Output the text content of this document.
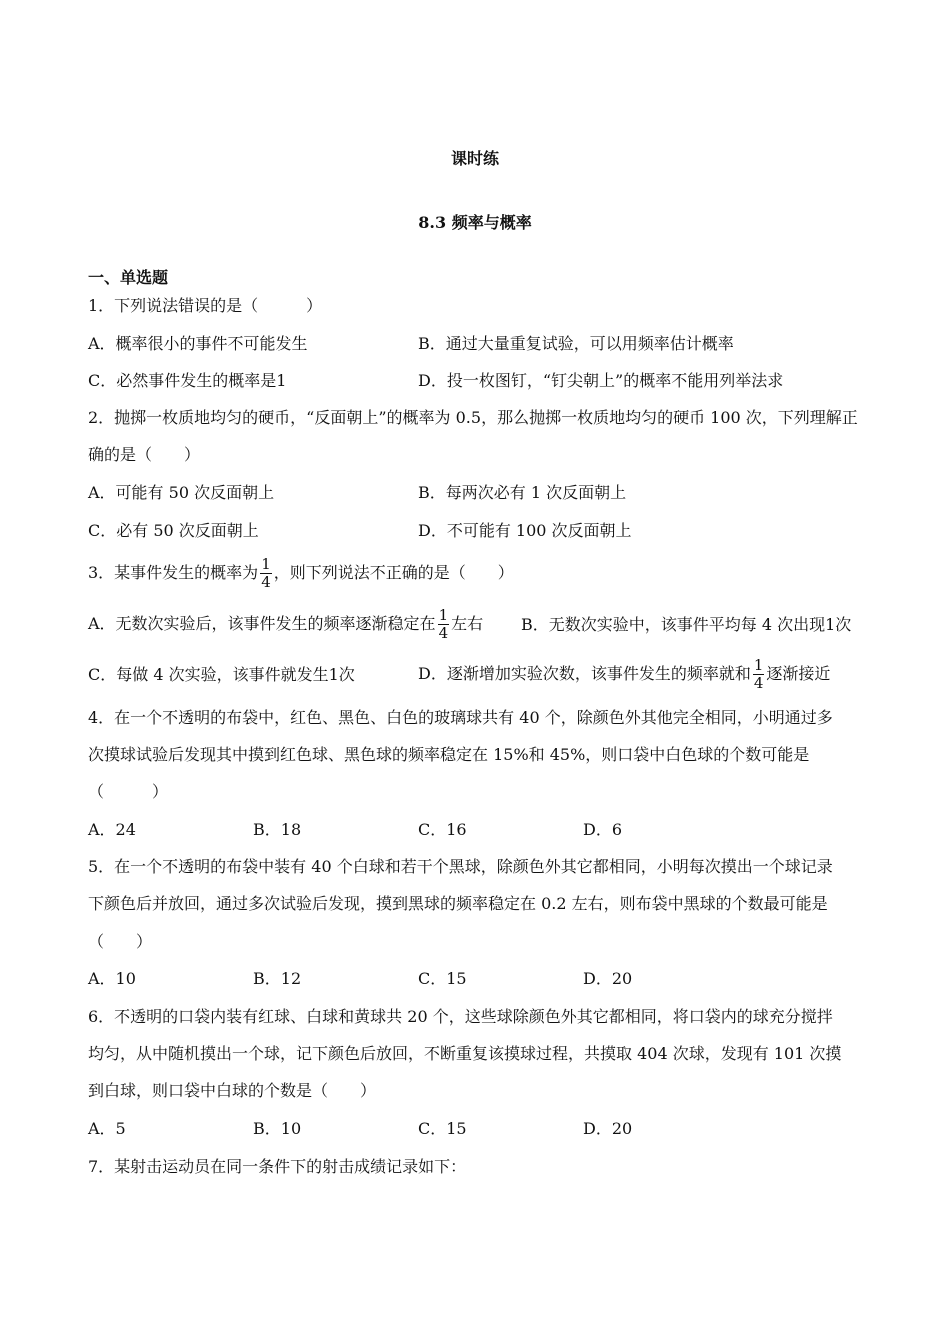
课时练
8.3 频率与概率
一、单选题
1．下列说法错误的是（　　　）
A．概率很小的事件不可能发生	B．通过大量重复试验，可以用频率估计概率
C．必然事件发生的概率是1	D．投一枚图钉，“钉尖朝上”的概率不能用列举法求
2．抛掷一枚质地均匀的硬币，“反面朝上”的概率为 0.5，那么抛掷一枚质地均匀的硬币 100 次，下列理解正
确的是（　　）
A．可能有 50 次反面朝上	B．每两次必有 1 次反面朝上
C．必有 50 次反面朝上	D．不可能有 100 次反面朝上
3．某事件发生的概率为 $\frac{1}{4}$ ，则下列说法不正确的是（　　）
A．无数次实验后，该事件发生的频率逐渐稳定在 $\frac{1}{4}$ 左右 B．无数次实验中，该事件平均每 4 次出现1次
C．每做 4 次实验，该事件就发生1次	D．逐渐增加实验次数，该事件发生的频率就和 $\frac{1}{4}$ 逐渐接近
4．在一个不透明的布袋中，红色、黑色、白色的玻璃球共有 40 个，除颜色外其他完全相同，小明通过多
次摸球试验后发现其中摸到红色球、黑色球的频率稳定在 15%和 45%，则口袋中白色球的个数可能是
（　　　）
A．24	B．18	C．16	D．6
5．在一个不透明的布袋中装有 40 个白球和若干个黑球，除颜色外其它都相同，小明每次摸出一个球记录
下颜色后并放回，通过多次试验后发现，摸到黑球的频率稳定在 0.2 左右，则布袋中黑球的个数最可能是
（　　）
A．10	B．12	C．15	D．20
6．不透明的口袋内装有红球、白球和黄球共 20 个，这些球除颜色外其它都相同，将口袋内的球充分搅拌
均匀，从中随机摸出一个球，记下颜色后放回，不断重复该摸球过程，共摸取 404 次球，发现有 101 次摸
到白球，则口袋中白球的个数是（　　）
A．5	B．10	C．15	D．20
7．某射击运动员在同一条件下的射击成绩记录如下：
